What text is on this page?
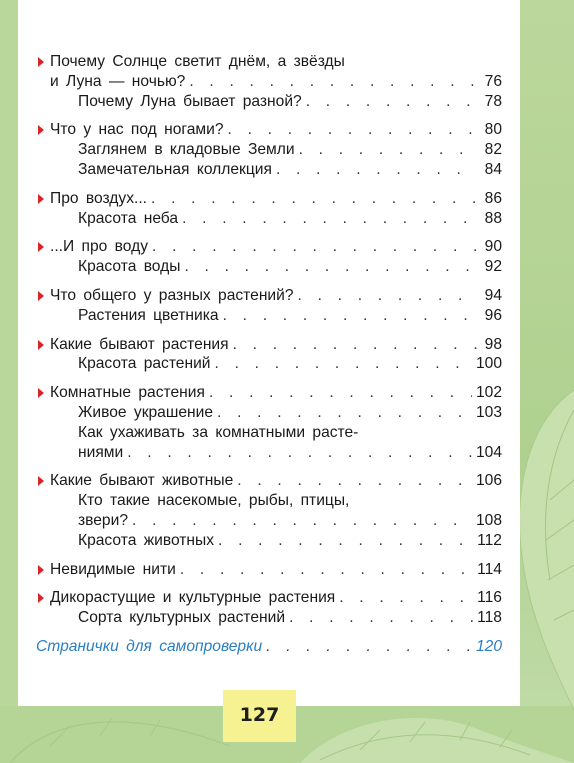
Почему Солнце светит днём, а звёзды
и Луна — ночью? . . .	76
Почему Луна бывает разной? . . .	78
Что у нас под ногами? . . .	80
Заглянем в кладовые Земли . . .	82
Замечательная коллекция . . .	84
Про воздух... . . .	86
Красота неба . . .	88
...И про воду . . .	90
Красота воды . . .	92
Что общего у разных растений? . . .	94
Растения цветника . . .	96
Какие бывают растения . . .	98
Красота растений . . .	100
Комнатные растения . . .	102
Живое украшение . . .	103
Как ухаживать за комнатными расте-
ниями . . .	104
Какие бывают животные . . .	106
Кто такие насекомые, рыбы, птицы,
звери? . . .	108
Красота животных . . .	112
Невидимые нити . . .	114
Дикорастущие и культурные растения . . .	116
Сорта культурных растений . . .	118
Странички для самопроверки . . .	120
127
